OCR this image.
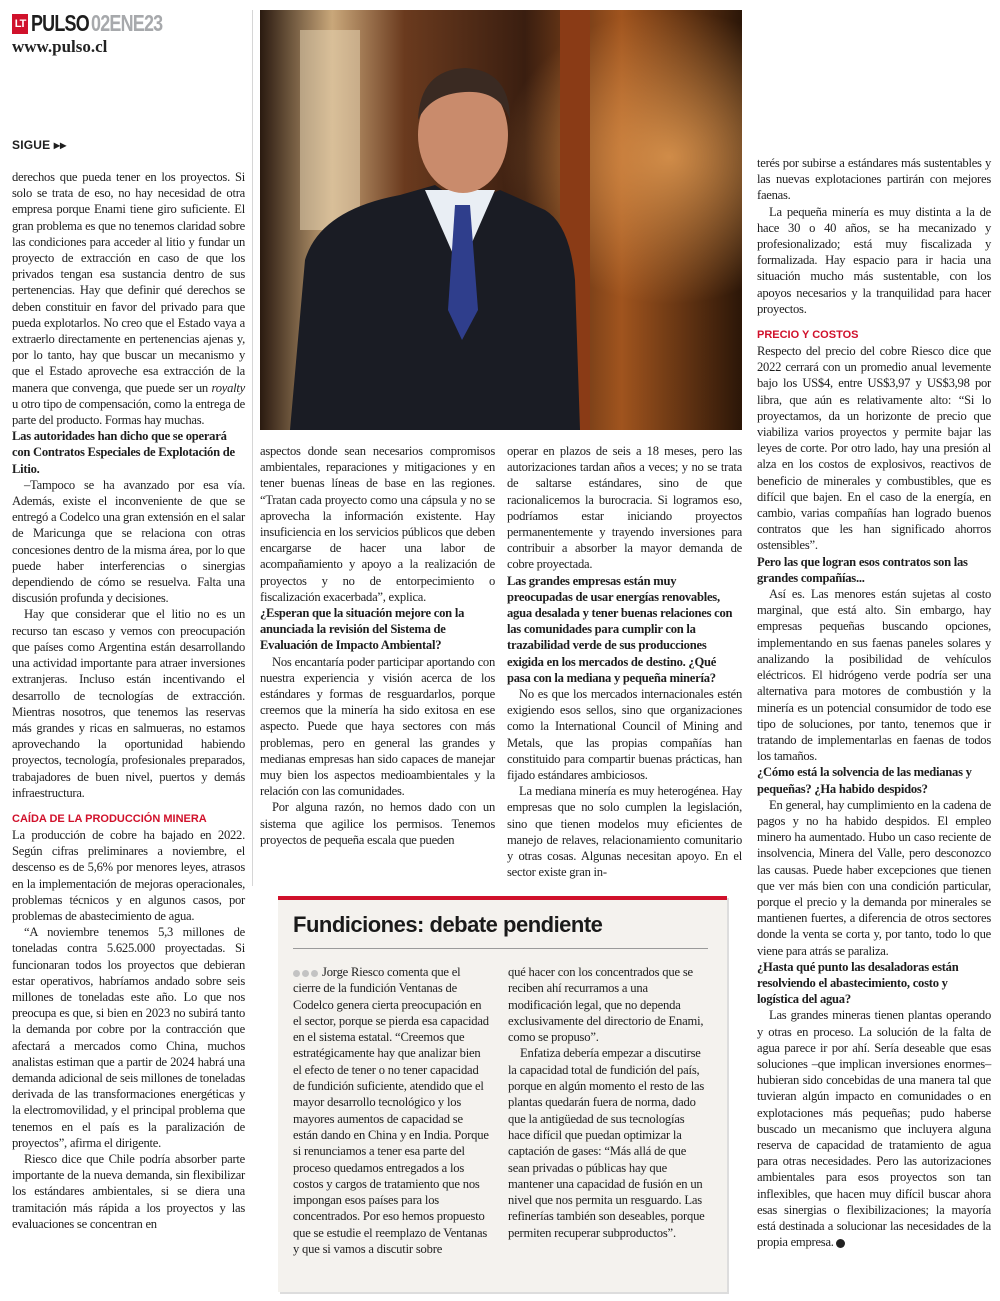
LT PULSO 02ENE23
www.pulso.cl
SIGUE ▸▸

derechos que pueda tener en los proyectos. Si solo se trata de eso, no hay necesidad de otra empresa porque Enami tiene giro suficiente. El gran problema es que no tenemos claridad sobre las condiciones para acceder al litio y fundar un proyecto de extracción en caso de que los privados tengan esa sustancia dentro de sus pertenencias. Hay que definir qué derechos se deben constituir en favor del privado para que pueda explotarlos. No creo que el Estado vaya a extraerlo directamente en pertenencias ajenas y, por lo tanto, hay que buscar un mecanismo y que el Estado aproveche esa extracción de la manera que convenga, que puede ser un royalty u otro tipo de compensación, como la entrega de parte del producto. Formas hay muchas.

Las autoridades han dicho que se operará con Contratos Especiales de Explotación de Litio.

–Tampoco se ha avanzado por esa vía. Además, existe el inconveniente de que se entregó a Codelco una gran extensión en el salar de Maricunga que se relaciona con otras concesiones dentro de la misma área, por lo que puede haber interferencias o sinergias dependiendo de cómo se resuelva. Falta una discusión profunda y decisiones.

Hay que considerar que el litio no es un recurso tan escaso y vemos con preocupación que países como Argentina están desarrollando una actividad importante para atraer inversiones extranjeras. Incluso están incentivando el desarrollo de tecnologías de extracción. Mientras nosotros, que tenemos las reservas más grandes y ricas en salmueras, no estamos aprovechando la oportunidad habiendo proyectos, tecnología, profesionales preparados, trabajadores de buen nivel, puertos y demás infraestructura.

CAÍDA DE LA PRODUCCIÓN MINERA

La producción de cobre ha bajado en 2022. Según cifras preliminares a noviembre, el descenso es de 5,6% por menores leyes, atrasos en la implementación de mejoras operacionales, problemas técnicos y en algunos casos, por problemas de abastecimiento de agua.

“A noviembre tenemos 5,3 millones de toneladas contra 5.625.000 proyectadas. Si funcionaran todos los proyectos que debieran estar operativos, habríamos andado sobre seis millones de toneladas este año. Lo que nos preocupa es que, si bien en 2023 no subirá tanto la demanda por cobre por la contracción que afectará a mercados como China, muchos analistas estiman que a partir de 2024 habrá una demanda adicional de seis millones de toneladas derivada de las transformaciones energéticas y la electromovilidad, y el principal problema que tenemos en el país es la paralización de proyectos”, afirma el dirigente.

Riesco dice que Chile podría absorber parte importante de la nueva demanda, sin flexibilizar los estándares ambientales, si se diera una tramitación más rápida a los proyectos y las evaluaciones se concentran en

aspectos donde sean necesarios compromisos ambientales, reparaciones y mitigaciones y en tener buenas líneas de base en las regiones. “Tratan cada proyecto como una cápsula y no se aprovecha la información existente. Hay insuficiencia en los servicios públicos que deben encargarse de hacer una labor de acompañamiento y apoyo a la realización de proyectos y no de entorpecimiento o fiscalización exacerbada”, explica.

¿Esperan que la situación mejore con la anunciada la revisión del Sistema de Evaluación de Impacto Ambiental?

Nos encantaría poder participar aportando con nuestra experiencia y visión acerca de los estándares y formas de resguardarlos, porque creemos que la minería ha sido exitosa en ese aspecto. Puede que haya sectores con más problemas, pero en general las grandes y medianas empresas han sido capaces de manejar muy bien los aspectos medioambientales y la relación con las comunidades.

Por alguna razón, no hemos dado con un sistema que agilice los permisos. Tenemos proyectos de pequeña escala que pueden

operar en plazos de seis a 18 meses, pero las autorizaciones tardan años a veces; y no se trata de saltarse estándares, sino de que racionalicemos la burocracia. Si logramos eso, podríamos estar iniciando proyectos permanentemente y trayendo inversiones para contribuir a absorber la mayor demanda de cobre proyectada.

Las grandes empresas están muy preocupadas de usar energías renovables, agua desalada y tener buenas relaciones con las comunidades para cumplir con la trazabilidad verde de sus producciones exigida en los mercados de destino. ¿Qué pasa con la mediana y pequeña minería?

No es que los mercados internacionales estén exigiendo esos sellos, sino que organizaciones como la International Council of Mining and Metals, que las propias compañías han constituido para compartir buenas prácticas, han fijado estándares ambiciosos.

La mediana minería es muy heterogénea. Hay empresas que no solo cumplen la legislación, sino que tienen modelos muy eficientes de manejo de relaves, relacionamiento comunitario y otras cosas. Algunas necesitan apoyo. En el sector existe gran in-

terés por subirse a estándares más sustentables y las nuevas explotaciones partirán con mejores faenas.

La pequeña minería es muy distinta a la de hace 30 o 40 años, se ha mecanizado y profesionalizado; está muy fiscalizada y formalizada. Hay espacio para ir hacia una situación mucho más sustentable, con los apoyos necesarios y la tranquilidad para hacer proyectos.

PRECIO Y COSTOS

Respecto del precio del cobre Riesco dice que 2022 cerrará con un promedio anual levemente bajo los US$4, entre US$3,97 y US$3,98 por libra, que aún es relativamente alto: “Si lo proyectamos, da un horizonte de precio que viabiliza varios proyectos y permite bajar las leyes de corte. Por otro lado, hay una presión al alza en los costos de explosivos, reactivos de beneficio de minerales y combustibles, que es difícil que bajen. En el caso de la energía, en cambio, varias compañías han logrado buenos contratos que les han significado ahorros ostensibles”.

Pero las que logran esos contratos son las grandes compañías...

Así es. Las menores están sujetas al costo marginal, que está alto. Sin embargo, hay empresas pequeñas buscando opciones, implementando en sus faenas paneles solares y analizando la posibilidad de vehículos eléctricos. El hidrógeno verde podría ser una alternativa para motores de combustión y la minería es un potencial consumidor de todo ese tipo de soluciones, por tanto, tenemos que ir tratando de implementarlas en faenas de todos los tamaños.

¿Cómo está la solvencia de las medianas y pequeñas? ¿Ha habido despidos?

En general, hay cumplimiento en la cadena de pagos y no ha habido despidos. El empleo minero ha aumentado. Hubo un caso reciente de insolvencia, Minera del Valle, pero desconozco las causas. Puede haber excepciones que tienen que ver más bien con una condición particular, porque el precio y la demanda por minerales se mantienen fuertes, a diferencia de otros sectores donde la venta se corta y, por tanto, todo lo que viene para atrás se paraliza.

¿Hasta qué punto las desaladoras están resolviendo el abastecimiento, costo y logística del agua?

Las grandes mineras tienen plantas operando y otras en proceso. La solución de la falta de agua parece ir por ahí. Sería deseable que esas soluciones –que implican inversiones enormes– hubieran sido concebidas de una manera tal que tuvieran algún impacto en comunidades o en explotaciones más pequeñas; pudo haberse buscado un mecanismo que incluyera alguna reserva de capacidad de tratamiento de agua para otras necesidades. Pero las autorizaciones ambientales para esos proyectos son tan inflexibles, que hacen muy difícil buscar ahora esas sinergias o flexibilizaciones; la mayoría está destinada a solucionar las necesidades de la propia empresa.

Fundiciones: debate pendiente

Jorge Riesco comenta que el cierre de la fundición Ventanas de Codelco genera cierta preocupación en el sector, porque se pierda esa capacidad en el sistema estatal. “Creemos que estratégicamente hay que analizar bien el efecto de tener o no tener capacidad de fundición suficiente, atendido que el mayor desarrollo tecnológico y los mayores aumentos de capacidad se están dando en China y en India. Porque si renunciamos a tener esa parte del proceso quedamos entregados a los costos y cargos de tratamiento que nos impongan esos países para los concentrados. Por eso hemos propuesto que se estudie el reemplazo de Ventanas y que si vamos a discutir sobre

qué hacer con los concentrados que se reciben ahí recurramos a una modificación legal, que no dependa exclusivamente del directorio de Enami, como se propuso”.

Enfatiza debería empezar a discutirse la capacidad total de fundición del país, porque en algún momento el resto de las plantas quedarán fuera de norma, dado que la antigüedad de sus tecnologías hace difícil que puedan optimizar la captación de gases: “Más allá de que sean privadas o públicas hay que mantener una capacidad de fusión en un nivel que nos permita un resguardo. Las refinerías también son deseables, porque permiten recuperar subproductos”.
